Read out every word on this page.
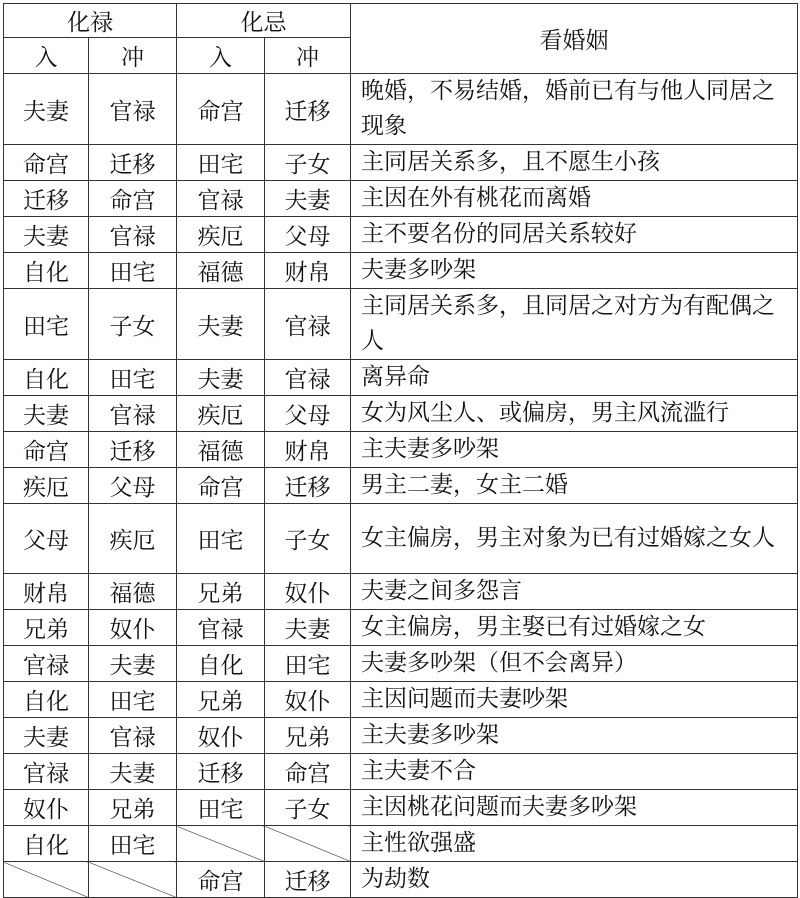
化禄		化忌		看婚姻
入	冲	入	冲	
夫妻	官禄	命宫	迁移	晚婚，不易结婚，婚前已有与他人同居之现象
命宫	迁移	田宅	子女	主同居关系多，且不愿生小孩
迁移	命宫	官禄	夫妻	主因在外有桃花而离婚
夫妻	官禄	疾厄	父母	主不要名份的同居关系较好
自化	田宅	福德	财帛	夫妻多吵架
田宅	子女	夫妻	官禄	主同居关系多，且同居之对方为有配偶之人
自化	田宅	夫妻	官禄	离异命
夫妻	官禄	疾厄	父母	女为风尘人、或偏房，男主风流滥行
命宫	迁移	福德	财帛	主夫妻多吵架
疾厄	父母	命宫	迁移	男主二妻，女主二婚
父母	疾厄	田宅	子女	女主偏房，男主对象为已有过婚嫁之女人
财帛	福德	兄弟	奴仆	夫妻之间多怨言
兄弟	奴仆	官禄	夫妻	女主偏房，男主娶已有过婚嫁之女
官禄	夫妻	自化	田宅	夫妻多吵架（但不会离异）
自化	田宅	兄弟	奴仆	主因问题而夫妻吵架
夫妻	官禄	奴仆	兄弟	主夫妻多吵架
官禄	夫妻	迁移	命宫	主夫妻不合
奴仆	兄弟	田宅	子女	主因桃花问题而夫妻多吵架
自化	田宅			主性欲强盛
		命宫	迁移	为劫数
